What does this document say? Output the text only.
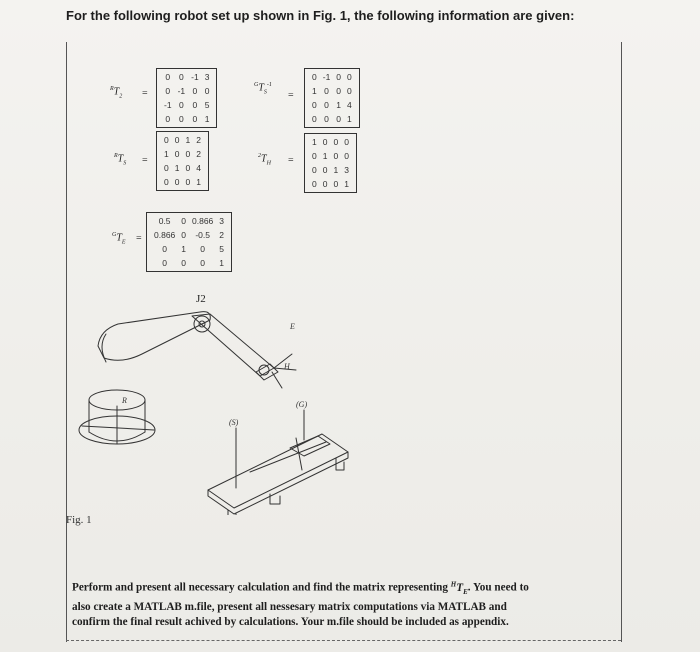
For the following robot set up shown in Fig. 1, the following information are given:
$^RT_2$ =
0	0	-1	3
0	-1	0	0
-1	0	0	5
0	0	0	1
$^GT_S^{-1}$
=
0	-1	0	0
1	0	0	0
0	0	1	4
0	0	0	1
$^RT_S$ =
0	0	1	2
1	0	0	2
0	1	0	4
0	0	0	1
$^2T_H$ =
1	0	0	0
0	1	0	0
0	0	1	3
0	0	0	1
$^GT_E$ =
0.5	0	0.866	3
0.866	0	-0.5	2
0	1	0	5
0	0	0	1
J2
E
H
R	(G)
(S)
Fig. 1
Perform and present all necessary calculation and find the matrix representing $^HT_E$. You need to
also create a MATLAB m.file, present all nessesary matrix computations via MATLAB and
confirm the final result achived by calculations. Your m.file should be included as appendix.
